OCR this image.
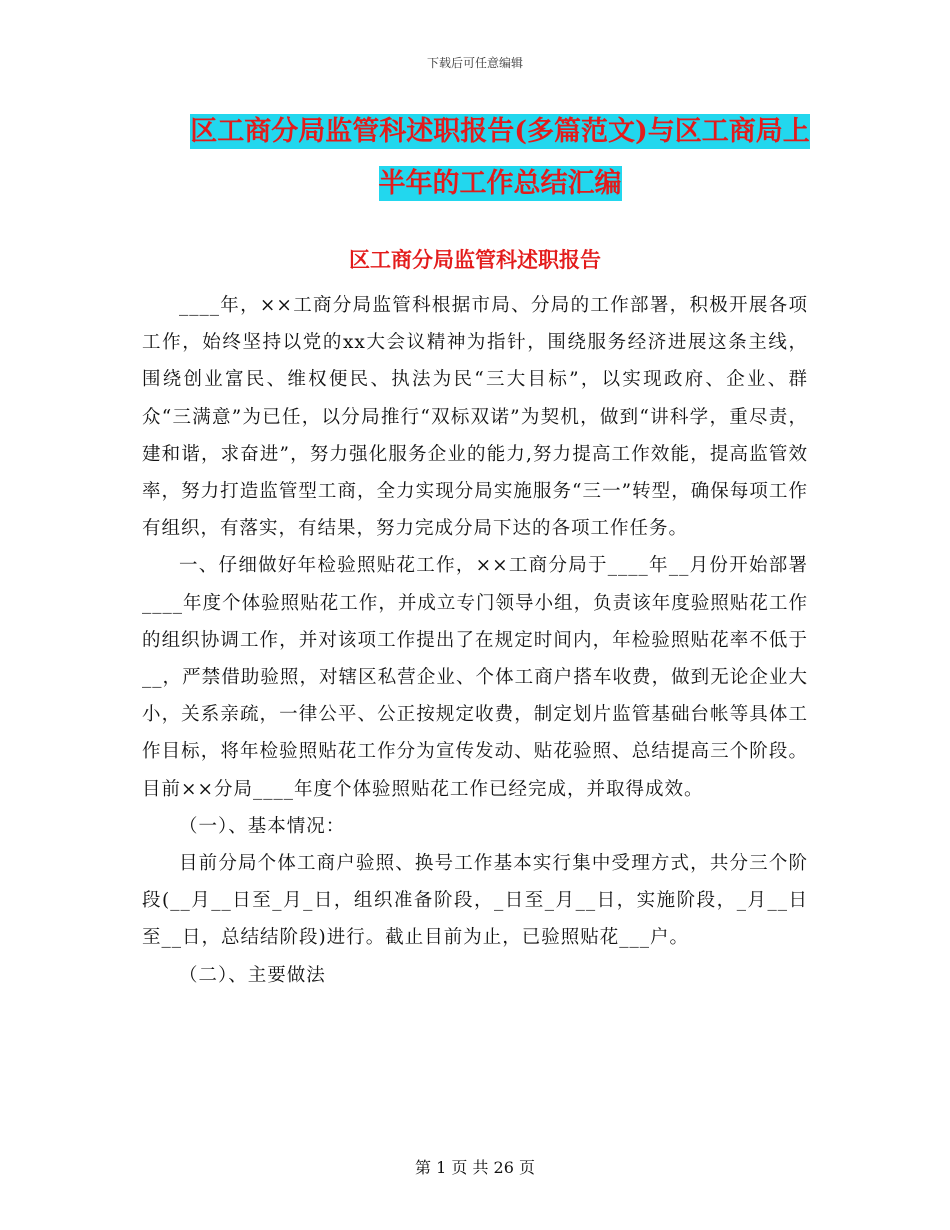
下载后可任意编辑
区工商分局监管科述职报告(多篇范文)与区工商局上半年的工作总结汇编
区工商分局监管科述职报告

____年，××工商分局监管科根据市局、分局的工作部署，积极开展各项工作，始终坚持以党的xx大会议精神为指针，围绕服务经济进展这条主线，围绕创业富民、维权便民、执法为民“三大目标”，以实现政府、企业、群众“三满意”为已任，以分局推行“双标双诺”为契机，做到“讲科学，重尽责，建和谐，求奋进”，努力强化服务企业的能力,努力提高工作效能，提高监管效率，努力打造监管型工商，全力实现分局实施服务“三一”转型，确保每项工作有组织，有落实，有结果，努力完成分局下达的各项工作任务。

一、仔细做好年检验照贴花工作，××工商分局于____年__月份开始部署____年度个体验照贴花工作，并成立专门领导小组，负责该年度验照贴花工作的组织协调工作，并对该项工作提出了在规定时间内，年检验照贴花率不低于__，严禁借助验照，对辖区私营企业、个体工商户搭车收费，做到无论企业大小，关系亲疏，一律公平、公正按规定收费，制定划片监管基础台帐等具体工作目标，将年检验照贴花工作分为宣传发动、贴花验照、总结提高三个阶段。目前××分局____年度个体验照贴花工作已经完成，并取得成效。

（一）、基本情况：

目前分局个体工商户验照、换号工作基本实行集中受理方式，共分三个阶段(__月__日至_月_日，组织准备阶段，_日至_月__日，实施阶段，_月__日至__日，总结结阶段)进行。截止目前为止，已验照贴花___户。

（二）、主要做法

第 1 页 共 26 页
